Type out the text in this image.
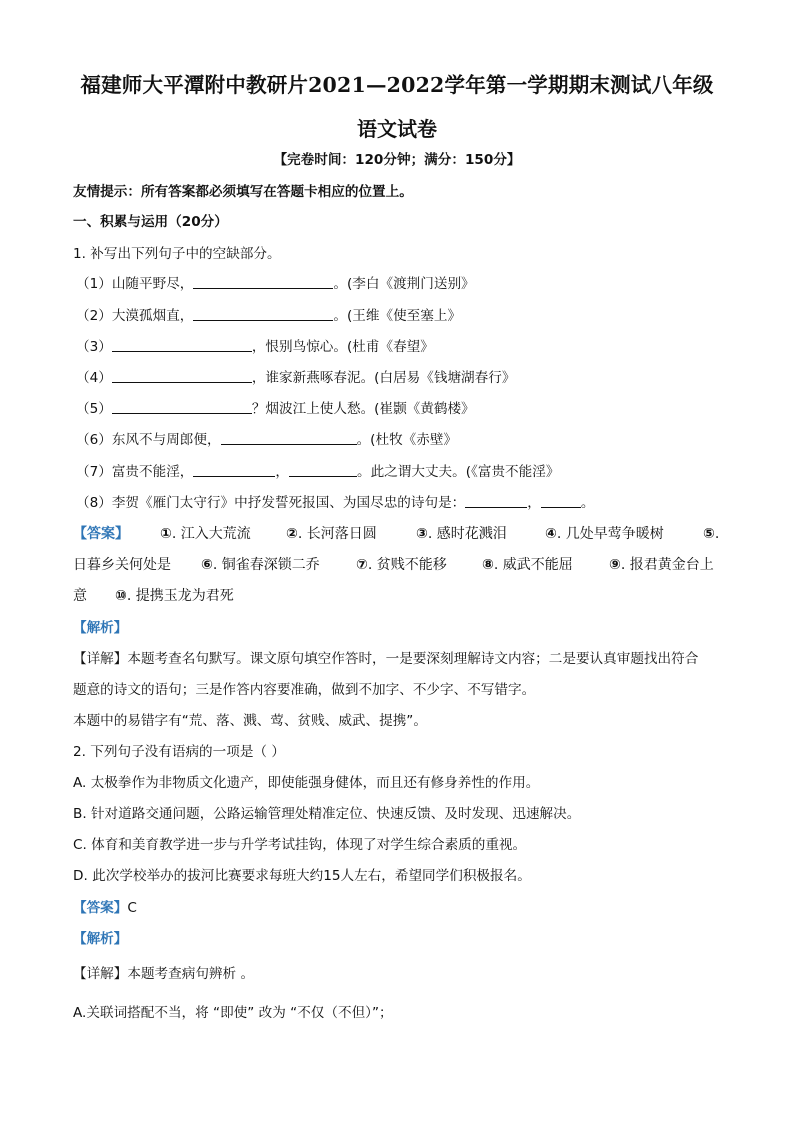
福建师大平潭附中教研片2021—2022学年第一学期期末测试八年级
语文试卷
【完卷时间：120分钟；满分：150分】
友情提示：所有答案都必须填写在答题卡相应的位置上。
一、积累与运用（20分）
1. 补写出下列句子中的空缺部分。
（1）山随平野尽，	。(李白《渡荆门送别》
（2）大漠孤烟直，	。(王维《使至塞上》
（3）	，恨别鸟惊心。(杜甫《春望》
（4）	，谁家新燕啄春泥。(白居易《钱塘湖春行》
（5）	？烟波江上使人愁。(崔颢《黄鹤楼》
（6）东风不与周郎便，	。(杜牧《赤壁》
（7）富贵不能淫，	，	。此之谓大丈夫。(《富贵不能淫》
（8）李贺《雁门太守行》中抒发誓死报国、为国尽忠的诗句是：	，	。
【答案】 ①. 江入大荒流	②. 长河落日圆	③. 感时花溅泪	④. 几处早莺争暖树	⑤.
日暮乡关何处是 ⑥. 铜雀春深锁二乔	⑦. 贫贱不能移	⑧. 威武不能屈	⑨. 报君黄金台上
意 ⑩. 提携玉龙为君死
【解析】
【详解】本题考查名句默写。课文原句填空作答时，一是要深刻理解诗文内容；二是要认真审题找出符合
题意的诗文的语句；三是作答内容要准确，做到不加字、不少字、不写错字。
本题中的易错字有“荒、落、溅、莺、贫贱、威武、提携”。
2. 下列句子没有语病的一项是（ ）
A. 太极拳作为非物质文化遗产，即使能强身健体，而且还有修身养性的作用。
B. 针对道路交通问题，公路运输管理处精准定位、快速反馈、及时发现、迅速解决。
C. 体育和美育教学进一步与升学考试挂钩，体现了对学生综合素质的重视。
D. 此次学校举办的拔河比赛要求每班大约15人左右，希望同学们积极报名。
【答案】C
【解析】
【详解】本题考查病句辨析 。
A.关联词搭配不当，将 “即使” 改为 “不仅（不但）”；
